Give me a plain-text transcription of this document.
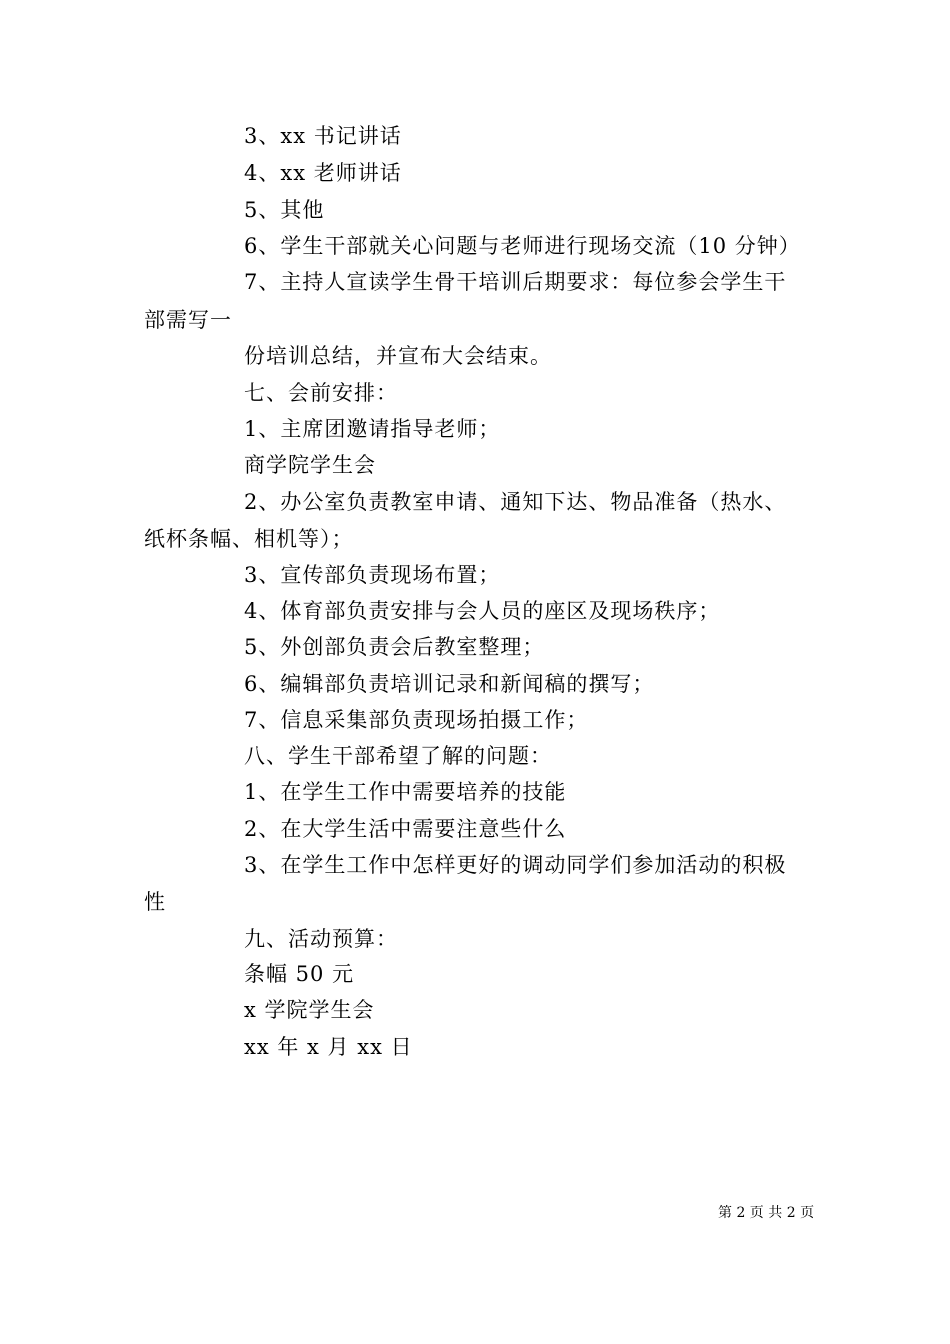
3、xx 书记讲话
4、xx 老师讲话
5、其他
6、学生干部就关心问题与老师进行现场交流（10 分钟）
7、主持人宣读学生骨干培训后期要求：每位参会学生干
部需写一
份培训总结，并宣布大会结束。
七、会前安排：
1、主席团邀请指导老师；
商学院学生会
2、办公室负责教室申请、通知下达、物品准备（热水、
纸杯条幅、相机等）；
3、宣传部负责现场布置；
4、体育部负责安排与会人员的座区及现场秩序；
5、外创部负责会后教室整理；
6、编辑部负责培训记录和新闻稿的撰写；
7、信息采集部负责现场拍摄工作；
八、学生干部希望了解的问题：
1、在学生工作中需要培养的技能
2、在大学生活中需要注意些什么
3、在学生工作中怎样更好的调动同学们参加活动的积极
性
九、活动预算：
条幅 50 元
x 学院学生会
xx 年 x 月 xx 日
第 2 页 共 2 页
